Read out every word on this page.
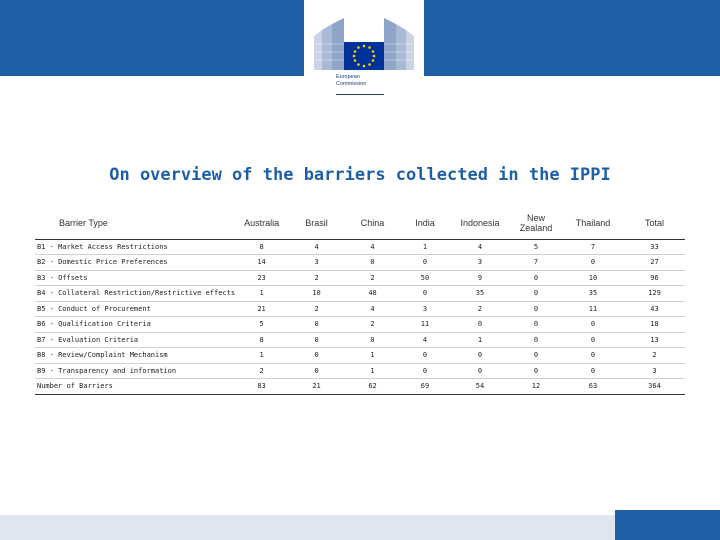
European
Commission
On overview of the barriers collected in the IPPI
Barrier Type	Australia	Brasil	China	India	Indonesia	New Zealand	Thailand	Total
B1 - Market Access Restrictions	8	4	4	1	4	5	7	33
B2 - Domestic Price Preferences	14	3	0	0	3	7	0	27
B3 - Offsets	23	2	2	50	9	0	10	96
B4 - Collateral Restriction/Restrictive effects	1	10	48	0	35	0	35	129
B5 - Conduct of Procurement	21	2	4	3	2	0	11	43
B6 - Qualification Criteria	5	0	2	11	0	0	0	18
B7 - Evaluation Criteria	8	0	0	4	1	0	0	13
B8 - Review/Complaint Mechanism	1	0	1	0	0	0	0	2
B9 - Transparency and information	2	0	1	0	0	0	0	3
Number of Barriers	83	21	62	69	54	12	63	364
